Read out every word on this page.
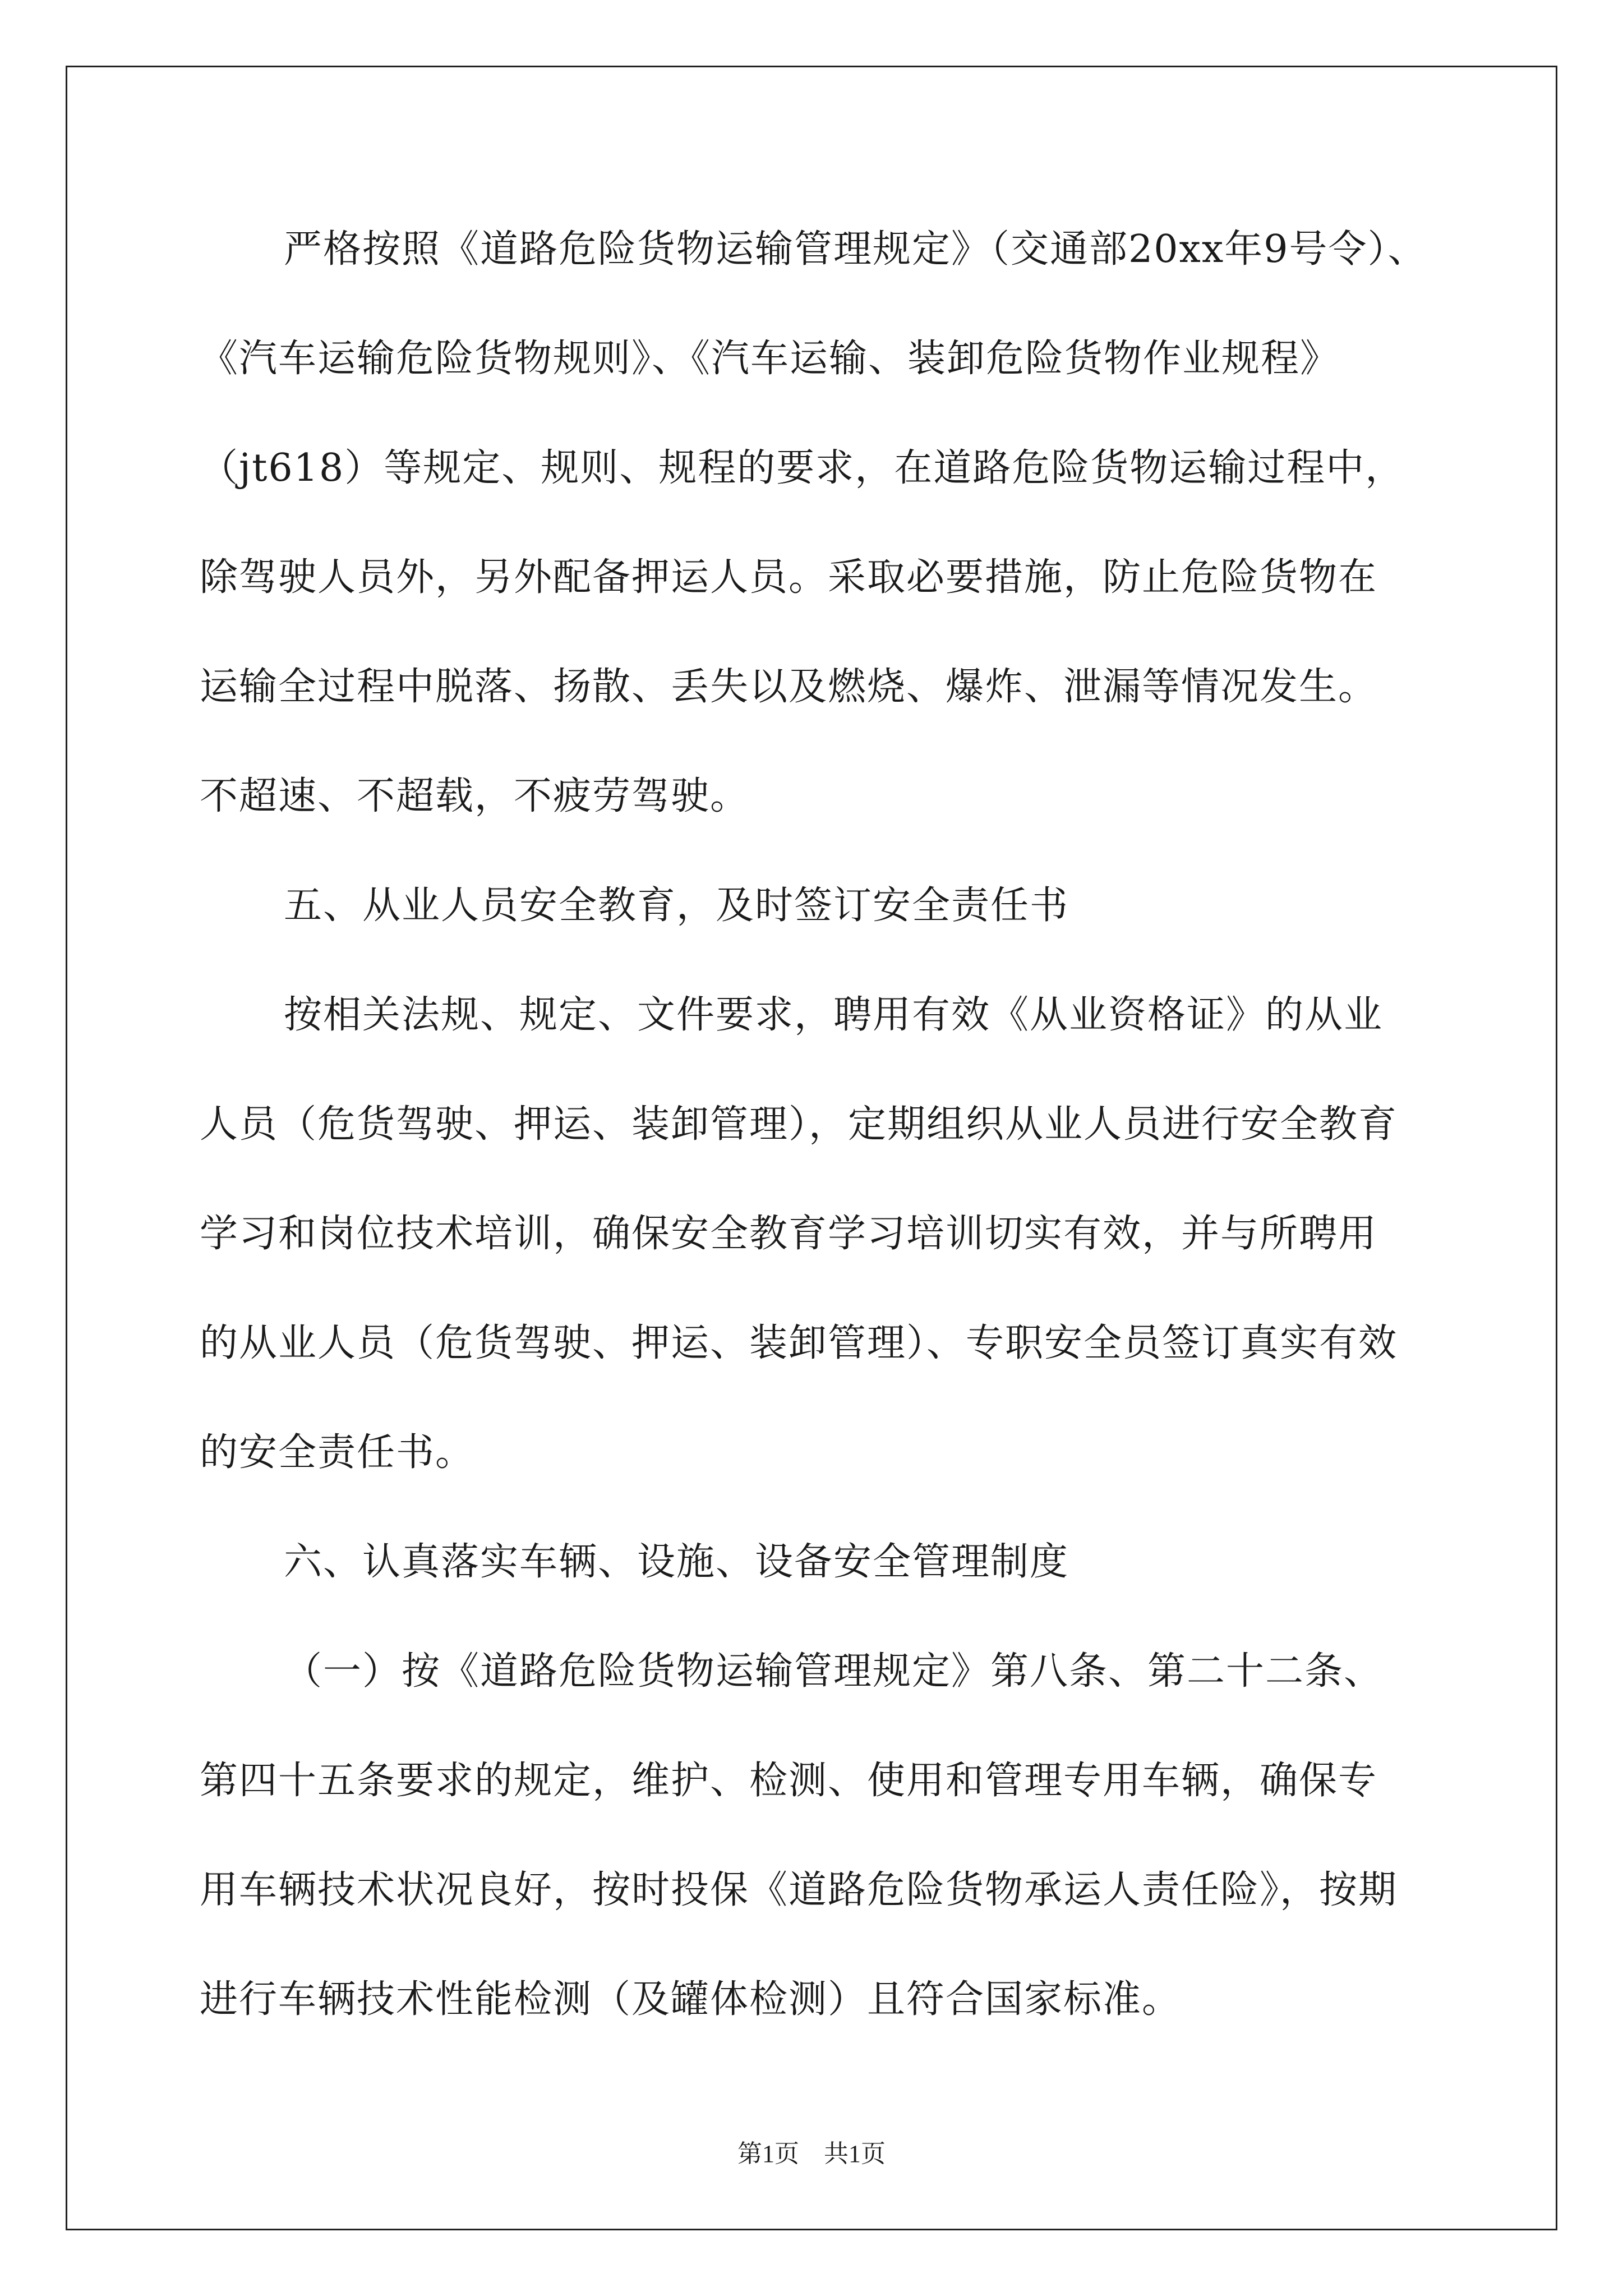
严格按照《道路危险货物运输管理规定》（交通部20xx年9号令）、
《汽车运输危险货物规则》、《汽车运输、装卸危险货物作业规程》
（jt618）等规定、规则、规程的要求，在道路危险货物运输过程中，
除驾驶人员外，另外配备押运人员。采取必要措施，防止危险货物在
运输全过程中脱落、扬散、丢失以及燃烧、爆炸、泄漏等情况发生。
不超速、不超载，不疲劳驾驶。
五、从业人员安全教育，及时签订安全责任书
按相关法规、规定、文件要求，聘用有效《从业资格证》的从业
人员（危货驾驶、押运、装卸管理），定期组织从业人员进行安全教育
学习和岗位技术培训，确保安全教育学习培训切实有效，并与所聘用
的从业人员（危货驾驶、押运、装卸管理）、专职安全员签订真实有效
的安全责任书。
六、认真落实车辆、设施、设备安全管理制度
（一）按《道路危险货物运输管理规定》第八条、第二十二条、
第四十五条要求的规定，维护、检测、使用和管理专用车辆，确保专
用车辆技术状况良好，按时投保《道路危险货物承运人责任险》，按期
进行车辆技术性能检测（及罐体检测）且符合国家标准。
第1页　共1页
